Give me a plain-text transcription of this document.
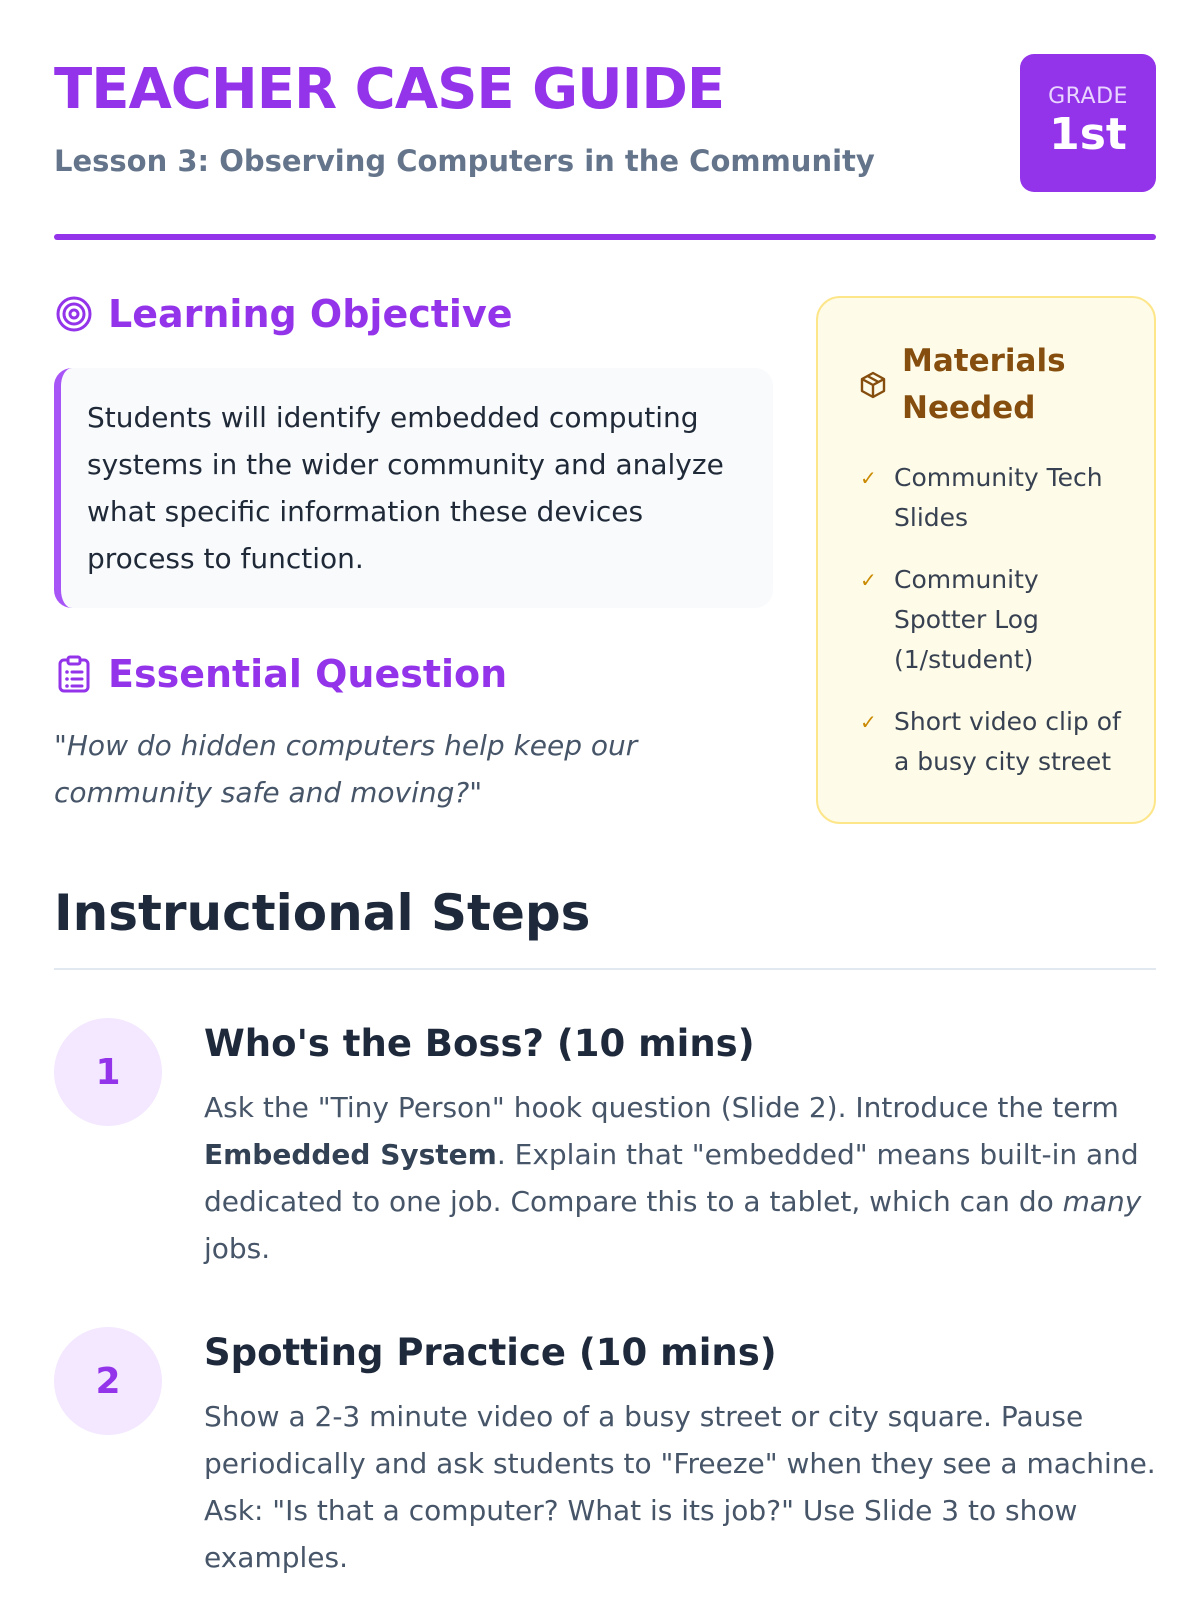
TEACHER CASE GUIDE

Lesson 3: Observing Computers in the Community

GRADE
1st
Learning Objective

Students will identify embedded computing systems in the wider community and analyze what specific information these devices process to function.

Essential Question

"How do hidden computers help keep our community safe and moving?"

Materials Needed
✓ Community Tech Slides
✓ Community Spotter Log (1/student)
✓ Short video clip of a busy city street
Instructional Steps
1
Who's the Boss? (10 mins)

Ask the "Tiny Person" hook question (Slide 2). Introduce the term Embedded System. Explain that "embedded" means built-in and dedicated to one job. Compare this to a tablet, which can do many jobs.

2
Spotting Practice (10 mins)

Show a 2-3 minute video of a busy street or city square. Pause periodically and ask students to "Freeze" when they see a machine. Ask: "Is that a computer? What is its job?" Use Slide 3 to show examples.
